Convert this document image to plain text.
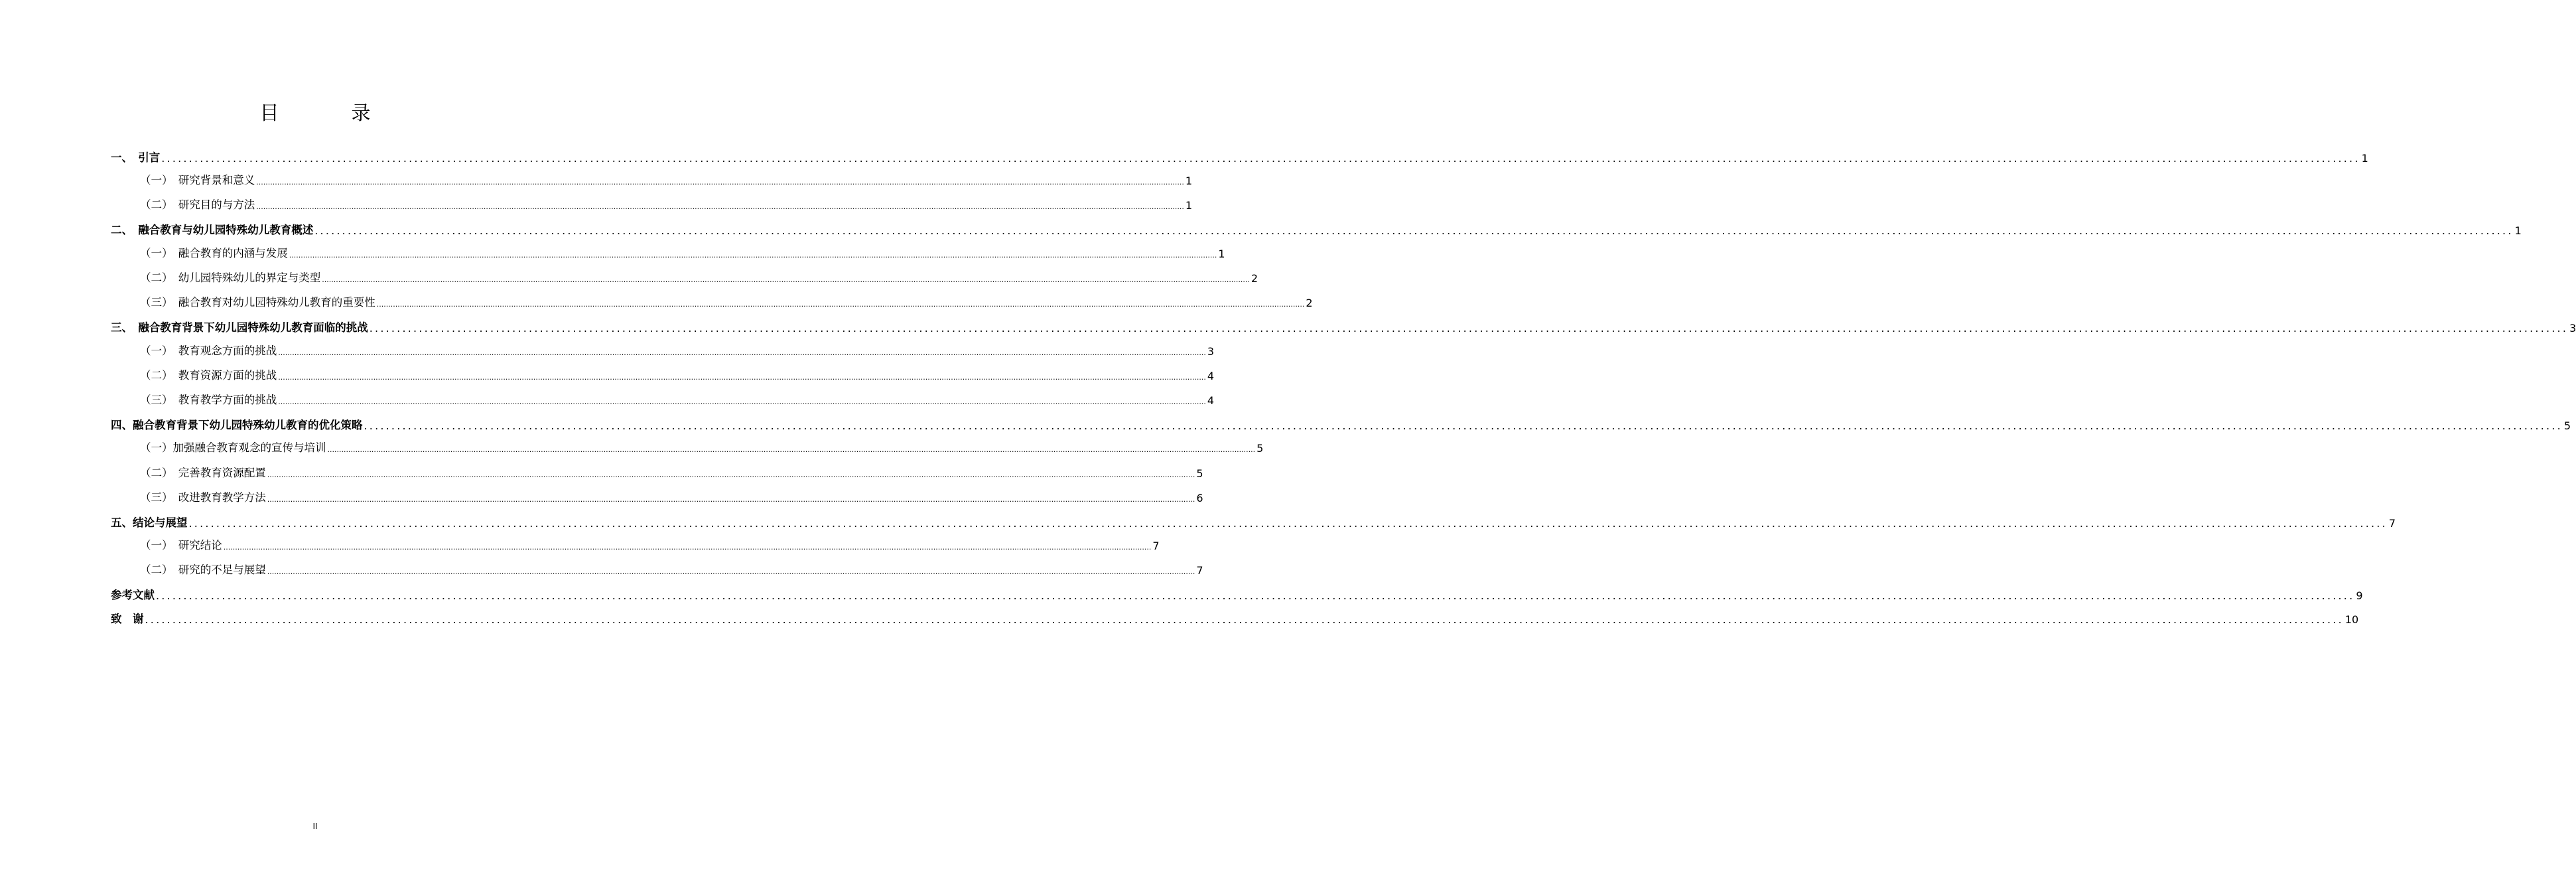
目　录
一、　引言 ................................................................................................................................................................................................................................................................................................................................................................................................................ 1
（一）　研究背景和意义 ................................................................................................................................................................................................................................................................................................................................................................................................................ 1
（二）　研究目的与方法 ................................................................................................................................................................................................................................................................................................................................................................................................................ 1
二、　融合教育与幼儿园特殊幼儿教育概述 ................................................................................................................................................................................................................................................................................................................................................................................................................ 1
（一）　融合教育的内涵与发展 ................................................................................................................................................................................................................................................................................................................................................................................................................ 1
（二）　幼儿园特殊幼儿的界定与类型 ................................................................................................................................................................................................................................................................................................................................................................................................................ 2
（三）　融合教育对幼儿园特殊幼儿教育的重要性 ................................................................................................................................................................................................................................................................................................................................................................................................................ 2
三、　融合教育背景下幼儿园特殊幼儿教育面临的挑战 ................................................................................................................................................................................................................................................................................................................................................................................................................ 3
（一）　教育观念方面的挑战 ................................................................................................................................................................................................................................................................................................................................................................................................................ 3
（二）　教育资源方面的挑战 ................................................................................................................................................................................................................................................................................................................................................................................................................ 4
（三）　教育教学方面的挑战 ................................................................................................................................................................................................................................................................................................................................................................................................................ 4
四、融合教育背景下幼儿园特殊幼儿教育的优化策略 ................................................................................................................................................................................................................................................................................................................................................................................................................ 5
（一）加强融合教育观念的宣传与培训 ................................................................................................................................................................................................................................................................................................................................................................................................................ 5
（二）　完善教育资源配置 ................................................................................................................................................................................................................................................................................................................................................................................................................ 5
（三）　改进教育教学方法 ................................................................................................................................................................................................................................................................................................................................................................................................................ 6
五、结论与展望 ................................................................................................................................................................................................................................................................................................................................................................................................................ 7
（一）　研究结论 ................................................................................................................................................................................................................................................................................................................................................................................................................ 7
（二）　研究的不足与展望 ................................................................................................................................................................................................................................................................................................................................................................................................................ 7
参考文献 ................................................................................................................................................................................................................................................................................................................................................................................................................ 9
致　谢 ................................................................................................................................................................................................................................................................................................................................................................................................................ 10
II
